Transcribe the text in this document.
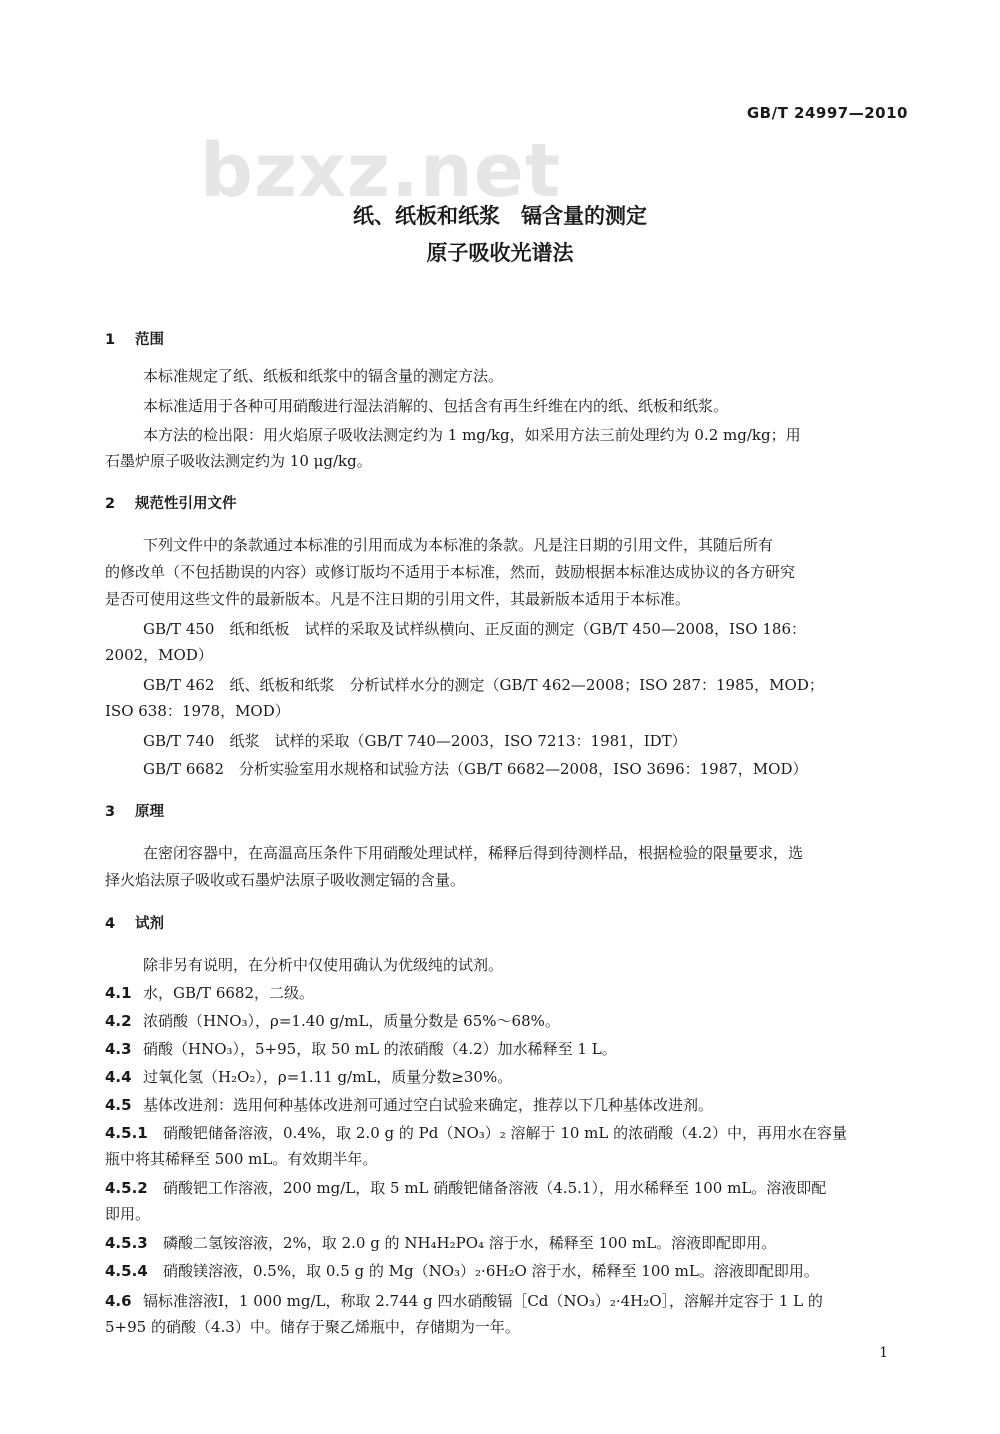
bzxz.net
GB/T 24997—2010
纸、纸板和纸浆　镉含量的测定
原子吸收光谱法
1 范围
本标准规定了纸、纸板和纸浆中的镉含量的测定方法。
本标准适用于各种可用硝酸进行湿法消解的、包括含有再生纤维在内的纸、纸板和纸浆。
本方法的检出限：用火焰原子吸收法测定约为 1 mg/kg，如采用方法三前处理约为 0.2 mg/kg；用
石墨炉原子吸收法测定约为 10 μg/kg。
2 规范性引用文件
下列文件中的条款通过本标准的引用而成为本标准的条款。凡是注日期的引用文件，其随后所有
的修改单（不包括勘误的内容）或修订版均不适用于本标准，然而，鼓励根据本标准达成协议的各方研究
是否可使用这些文件的最新版本。凡是不注日期的引用文件，其最新版本适用于本标准。
GB/T 450　纸和纸板　试样的采取及试样纵横向、正反面的测定（GB/T 450—2008，ISO 186：
2002，MOD）
GB/T 462　纸、纸板和纸浆　分析试样水分的测定（GB/T 462—2008；ISO 287：1985，MOD；
ISO 638：1978，MOD）
GB/T 740　纸浆　试样的采取（GB/T 740—2003，ISO 7213：1981，IDT）
GB/T 6682　分析实验室用水规格和试验方法（GB/T 6682—2008，ISO 3696：1987，MOD）
3 原理
在密闭容器中，在高温高压条件下用硝酸处理试样，稀释后得到待测样品，根据检验的限量要求，选
择火焰法原子吸收或石墨炉法原子吸收测定镉的含量。
4 试剂
除非另有说明，在分析中仅使用确认为优级纯的试剂。
4.1 水，GB/T 6682，二级。
4.2 浓硝酸（HNO₃），ρ=1.40 g/mL，质量分数是 65%～68%。
4.3 硝酸（HNO₃），5+95，取 50 mL 的浓硝酸（4.2）加水稀释至 1 L。
4.4 过氧化氢（H₂O₂），ρ=1.11 g/mL，质量分数≥30%。
4.5 基体改进剂：选用何种基体改进剂可通过空白试验来确定，推荐以下几种基体改进剂。
4.5.1 硝酸钯储备溶液，0.4%，取 2.0 g 的 Pd（NO₃）₂ 溶解于 10 mL 的浓硝酸（4.2）中，再用水在容量
瓶中将其稀释至 500 mL。有效期半年。
4.5.2 硝酸钯工作溶液，200 mg/L，取 5 mL 硝酸钯储备溶液（4.5.1），用水稀释至 100 mL。溶液即配
即用。
4.5.3 磷酸二氢铵溶液，2%，取 2.0 g 的 NH₄H₂PO₄ 溶于水，稀释至 100 mL。溶液即配即用。
4.5.4 硝酸镁溶液，0.5%，取 0.5 g 的 Mg（NO₃）₂·6H₂O 溶于水，稀释至 100 mL。溶液即配即用。
4.6 镉标准溶液Ⅰ，1 000 mg/L，称取 2.744 g 四水硝酸镉［Cd（NO₃）₂·4H₂O］，溶解并定容于 1 L 的
5+95 的硝酸（4.3）中。储存于聚乙烯瓶中，存储期为一年。
1
